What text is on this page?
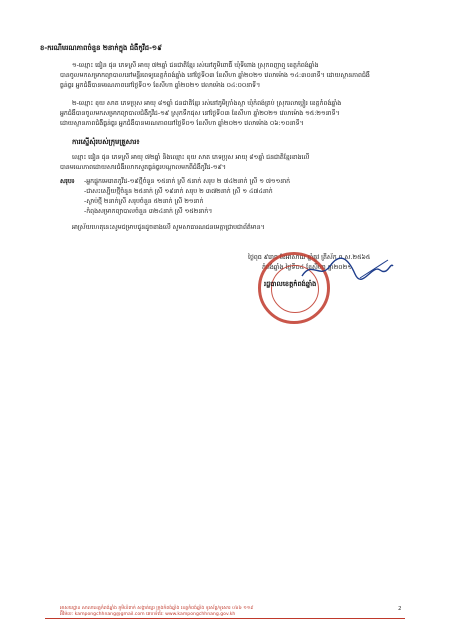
ខ-ករណីមរណភាពចំនួន ២នាក់ក្នុង ជំងឺកូវីដ-១៩
១-ឈ្មោះ ផៀន ផុន ភេទស្រី អាយុ ៧២ឆ្នាំ ជនជាតិខ្មែរ រស់នៅភូមិពោធិ៍ ឃុំទីពោង ស្រុកពញាឮ ខេត្តកំពង់ឆ្នាំង
បានចូលមកសម្រាកព្យាបាលនៅមន្ទីរពេទ្យខេត្តកំពង់ឆ្នាំង នៅថ្ងៃទី០៣ ខែសីហា ឆ្នាំ២០២១ វេលាម៉ោង ១៤:៣០នាទី។ ដោយស្ថានភាពជំងឺ
ធ្ងន់ធ្ងរ អ្នកជំងឺបានមរណភាពនៅថ្ងៃទី០១ ខែសីហា ឆ្នាំ២០២១ វេលាម៉ោង ០៤:០០នាទី។
២-ឈ្មោះ ខុយ សាត ភេទប្រុស អាយុ ៨១ឆ្នាំ ជនជាតិខ្មែរ រស់នៅភូមិក្រាំងស្គា ឃុំកំពង់ត្រប់ ស្រុករលាប្អៀរ ខេត្តកំពង់ឆ្នាំង
អ្នកជំងឺបានចូលមកសម្រាកព្យាបាលជំងឺកូវីដ-១៩ ស្រុកទឹកផុស នៅថ្ងៃទី០៣ ខែសីហា ឆ្នាំ២០២១ វេលាម៉ោង ១៥:២១នាទី។
ដោយស្ថានភាពជំងឺធ្ងន់ធ្ងរ អ្នកជំងឺបានមរណភាពនៅថ្ងៃទី០១ ខែសីហា ឆ្នាំ២០២១ វេលាម៉ោង ០៦:១០នាទី។
ការស្នើសុំរបស់ក្រុមគ្រួសារ៖
ឈ្មោះ ផៀន ផុន ភេទស្រី អាយុ ៧២ឆ្នាំ និងឈ្មោះ ខុយ សាត ភេទប្រុស អាយុ ៨១ឆ្នាំ ជនជាតិខ្មែរខាងលើ
បានមរណភាពដោយសារជំងឺរលាកសួតធ្ងន់ធ្ងរបណ្តាលមកពីជំងឺកូវីដ-១៩។
សរុប៖ -អ្នកផ្ទុកមេរោគកូវីដ-១៩ថ្មីចំនួន ១៥នាក់ ស្រី ៥នាក់ សរុប ២ ៧៤២នាក់ ស្រី ១ ៧១១នាក់
-ជាសះស្បើយថ្មីចំនួន ២៥នាក់ ស្រី ១៩នាក់ សរុប ២ ៣៧២នាក់ ស្រី ១ ៤៧៤នាក់
-ស្លាប់ថ្មី ២នាក់ស្រី សរុបចំនួន ៥២នាក់ ស្រី ២១នាក់
-កំពុងសម្រាកព្យាបាលចំនួន ៣២៤នាក់ ស្រី ១៥២នាក់។
អាស្រ័យហេតុនេះសូមជម្រាបជូនដូចខាងលើ សូមសាធារណជនមេត្តាជ្រាបជាព័ត៌មាន។
ថ្ងៃពុធ ៩រោច ខែអាសាឍ ឆ្នាំឆ្លូវ ត្រីស័ក ព.ស.២៥៦៥
កំពង់ឆ្នាំង ថ្ងៃទី០៤ ខែសីហា ឆ្នាំ២០២១
រដ្ឋបាលខេត្តកំពង់ឆ្នាំង
អាសយដ្ឋាន សាលាខេត្តកំពង់ឆ្នាំង ភូមិលំពាក់ សង្កាត់ប្អេរ ក្រុងកំពង់ឆ្នាំង ខេត្តកំពង់ឆ្នាំង ទូរស័ព្ទ/ទូរសារ ០៦៦ ១១៩
អ៊ីម៉ែល: kampongchhnang@gmail.com គេហទំព័រ: www.kampongchhnang.gov.kh
2
